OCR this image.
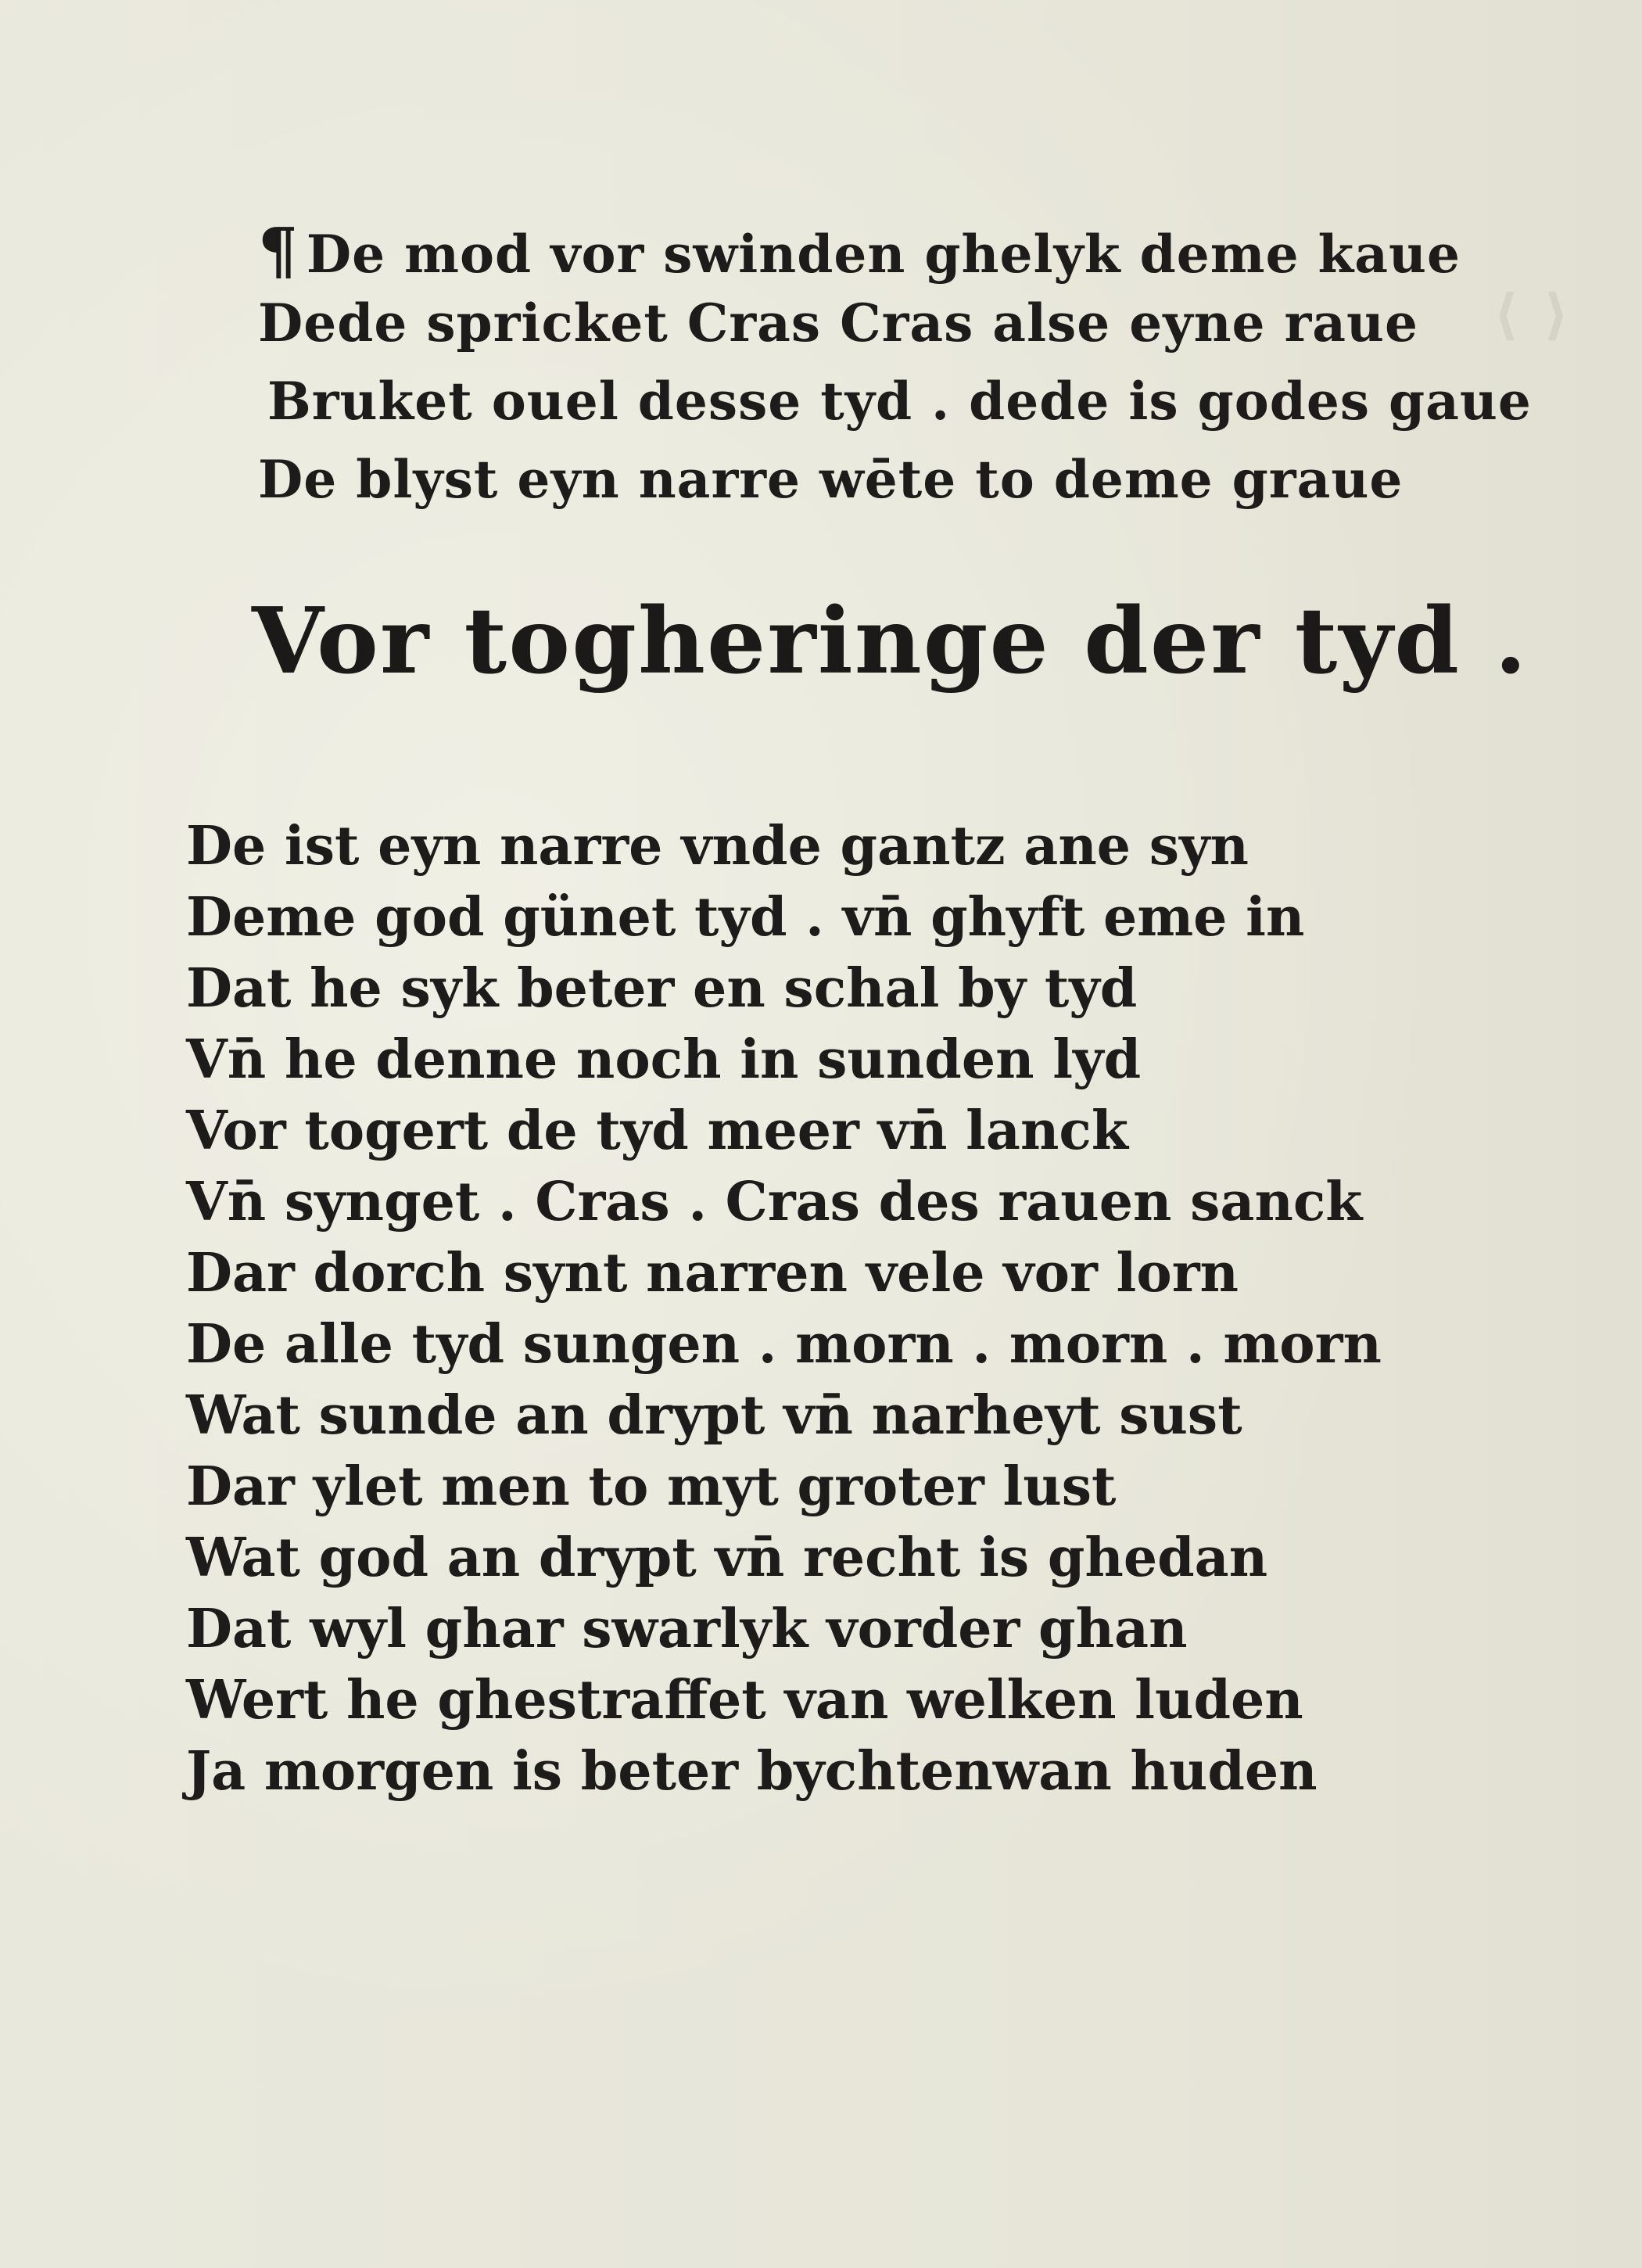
⟨ ⟩
¶ De mod vor swinden ghelyk deme kaue
Dede spricket Cras Cras alse eyne raue
Bruket ouel desse tyd . dede is godes gaue
De blyst eyn narre wēte to deme graue
Vor togheringe der tyd .
De ist eyn narre vnde gantz ane syn
Deme god günet tyd . vn̄ ghyft eme in
Dat he syk beter en schal by tyd
Vn̄ he denne noch in sunden lyd
Vor togert de tyd meer vn̄ lanck
Vn̄ synget . Cras . Cras des rauen sanck
Dar dorch synt narren vele vor lorn
De alle tyd sungen . morn . morn . morn
Wat sunde an drypt vn̄ narheyt sust
Dar ylet men to myt groter lust
Wat god an drypt vn̄ recht is ghedan
Dat wyl ghar swarlyk vorder ghan
Wert he ghestraffet van welken luden
Ja morgen is beter bychtenwan huden
